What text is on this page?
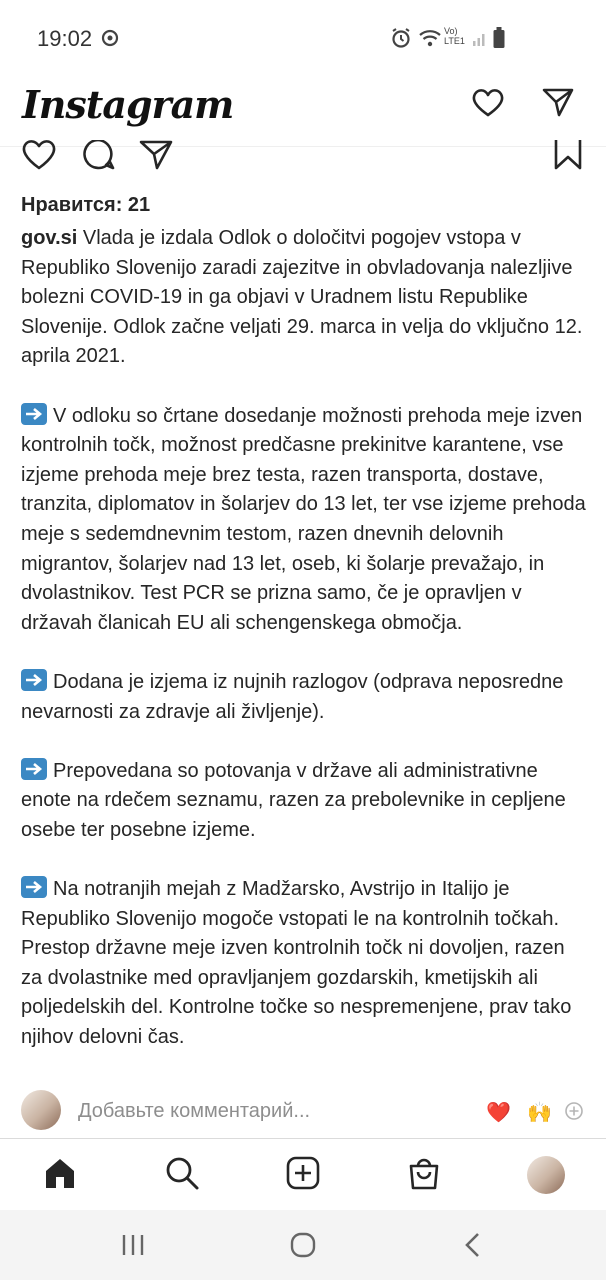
19:02	Vo) LTE1
Instagram
Нравится: 21

gov.si Vlada je izdala Odlok o določitvi pogojev vstopa v Republiko Slovenijo zaradi zajezitve in obvladovanja nalezljive bolezni COVID-19 in ga objavi v Uradnem listu Republike Slovenije. Odlok začne veljati 29. marca in velja do vključno 12. aprila 2021.

V odloku so črtane dosedanje možnosti prehoda meje izven kontrolnih točk, možnost predčasne prekinitve karantene, vse izjeme prehoda meje brez testa, razen transporta, dostave, tranzita, diplomatov in šolarjev do 13 let, ter vse izjeme prehoda meje s sedemdnevnim testom, razen dnevnih delovnih migrantov, šolarjev nad 13 let, oseb, ki šolarje prevažajo, in dvolastnikov. Test PCR se prizna samo, če je opravljen v državah članicah EU ali schengenskega območja.

Dodana je izjema iz nujnih razlogov (odprava neposredne nevarnosti za zdravje ali življenje).

Prepovedana so potovanja v države ali administrativne enote na rdečem seznamu, razen za prebolevnike in cepljene osebe ter posebne izjeme.

Na notranjih mejah z Madžarsko, Avstrijo in Italijo je Republiko Slovenijo mogoče vstopati le na kontrolnih točkah. Prestop državne meje izven kontrolnih točk ni dovoljen, razen za dvolastnike med opravljanjem gozdarskih, kmetijskih ali poljedelskih del. Kontrolne točke so nespremenjene, prav tako njihov delovni čas.

Добавьте комментарий...	❤️ 🙌
